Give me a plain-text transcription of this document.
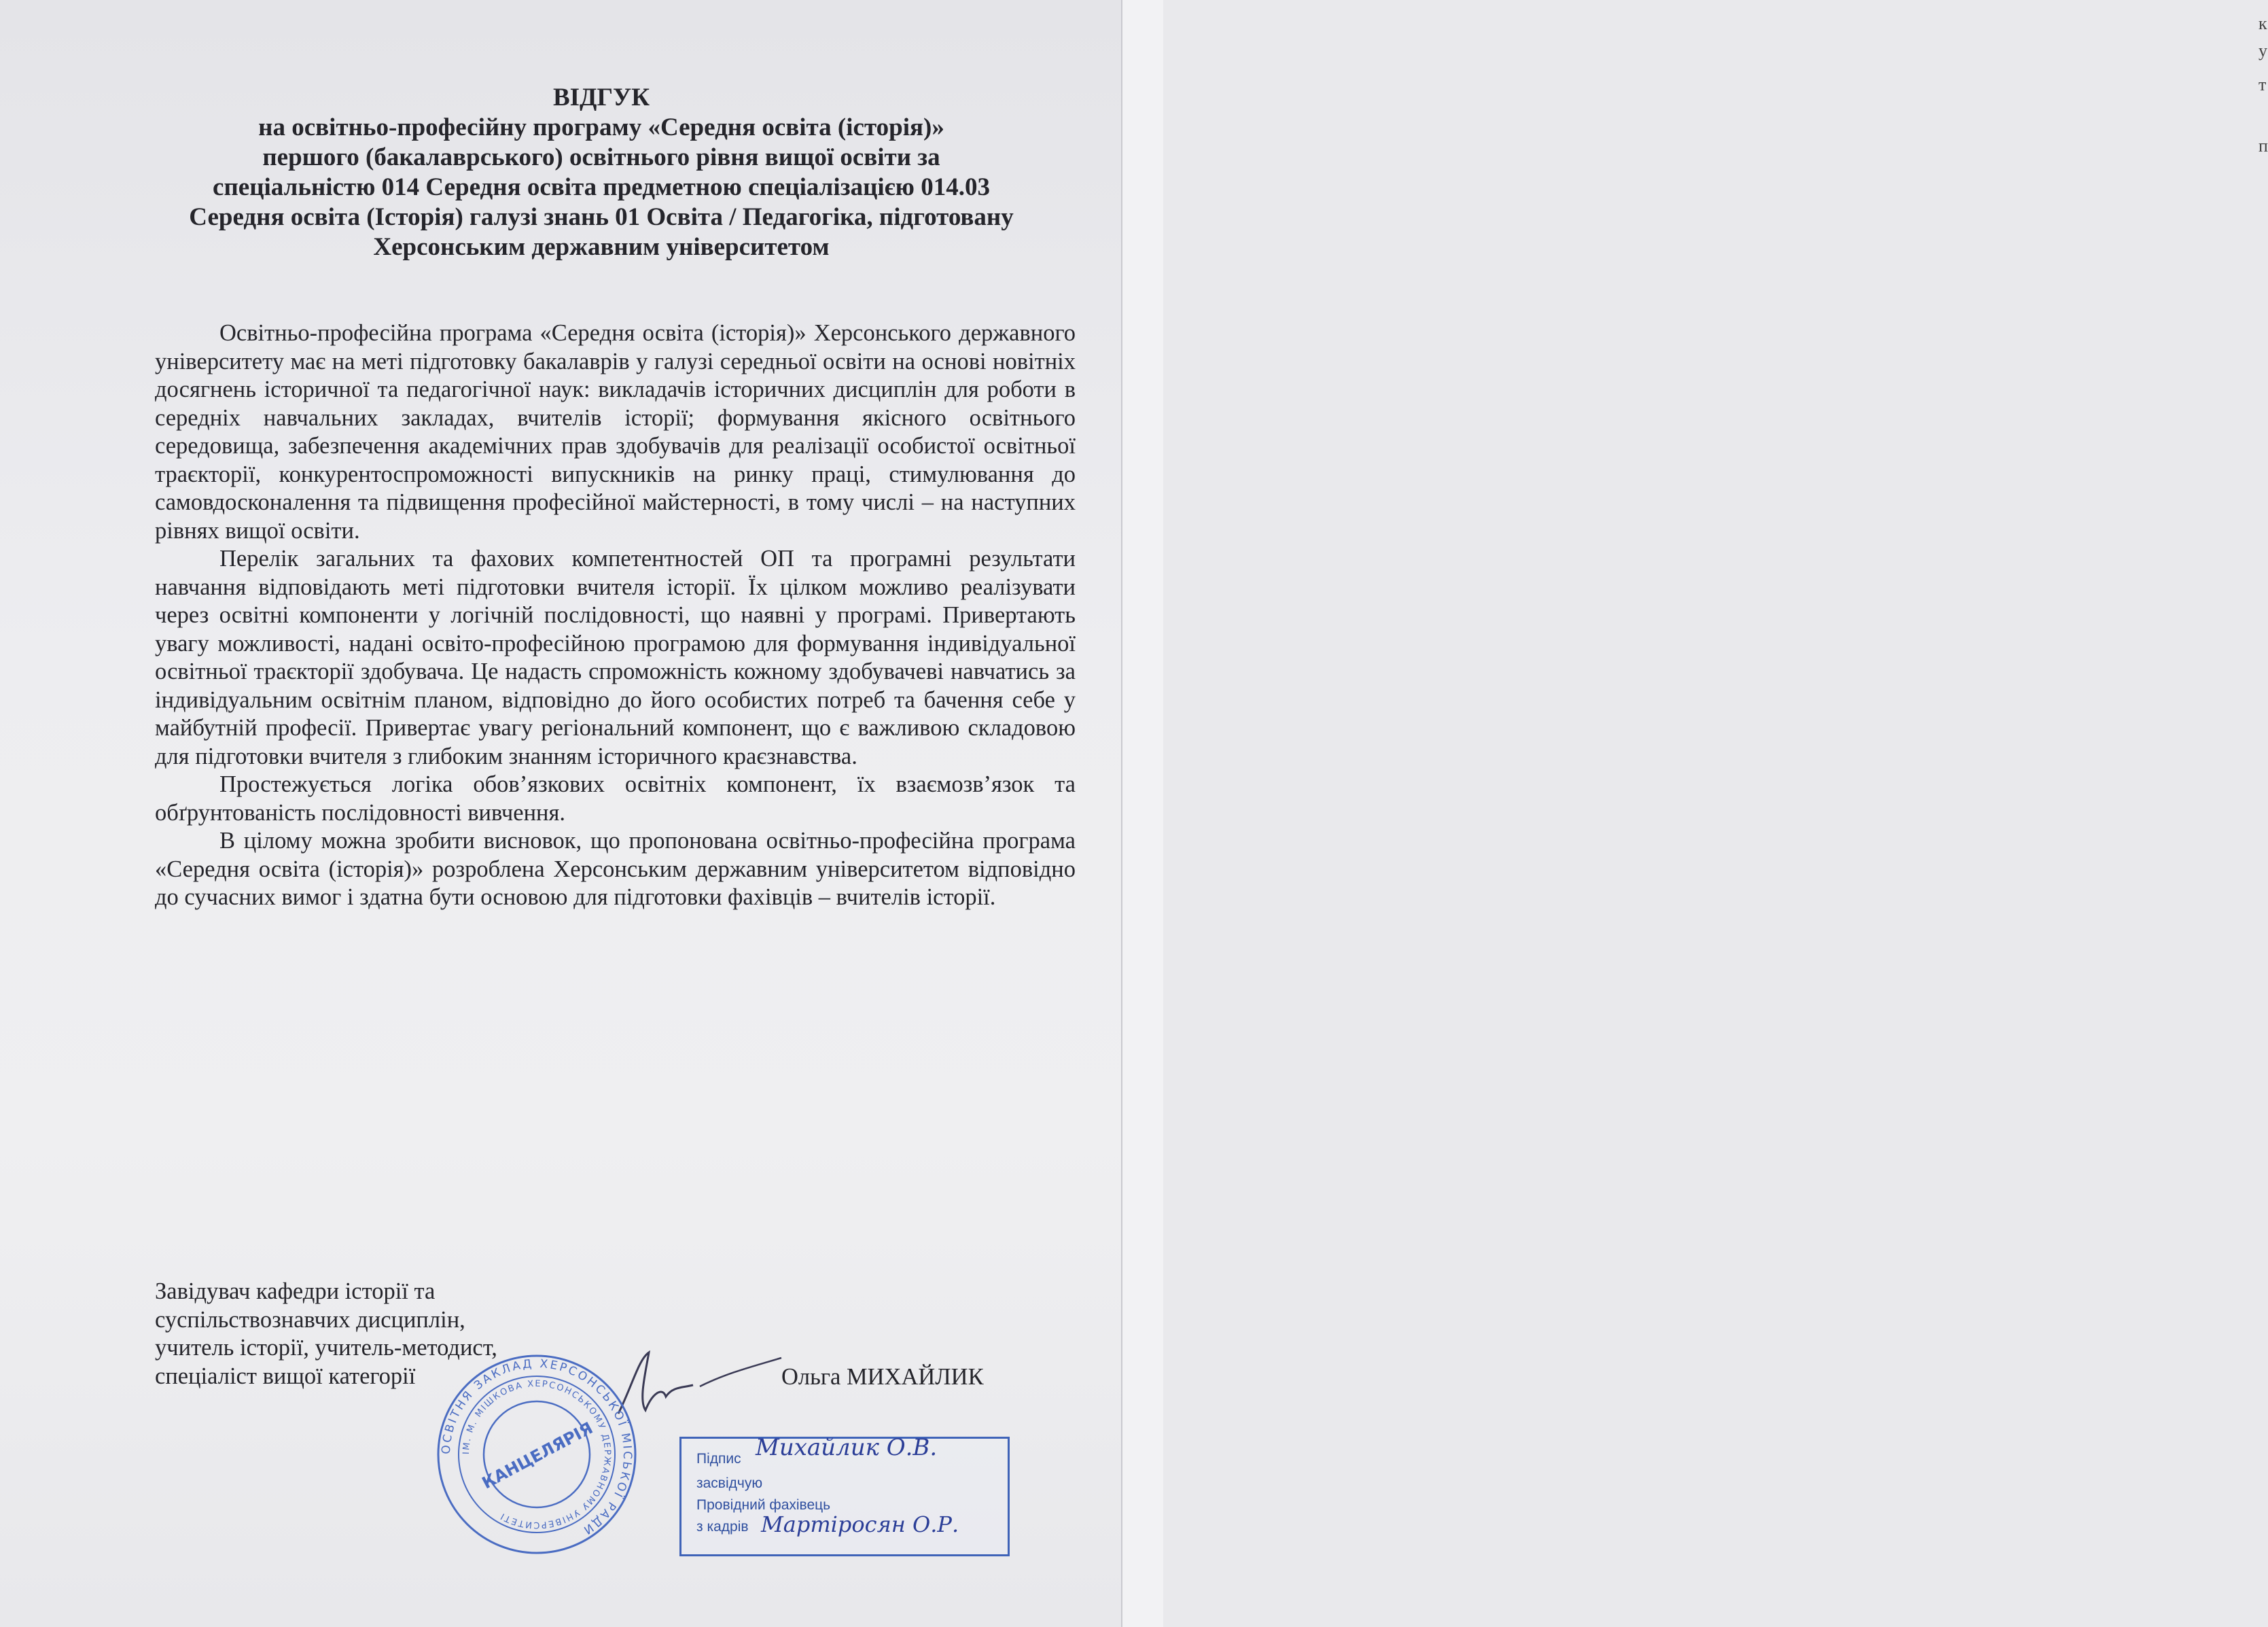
к
у
т
п
ВІДГУК
на освітньо-професійну програму «Середня освіта (історія)»
першого (бакалаврського) освітнього рівня вищої освіти за
спеціальністю 014 Середня освіта предметною спеціалізацією 014.03
Середня освіта (Історія) галузі знань 01 Освіта / Педагогіка, підготовану
Херсонським державним університетом

Освітньо-професійна програма «Середня освіта (історія)» Херсонського державного університету має на меті підготовку бакалаврів у галузі середньої освіти на основі новітніх досягнень історичної та педагогічної наук: викладачів історичних дисциплін для роботи в середніх навчальних закладах, вчителів історії; формування якісного освітнього середовища, забезпечення академічних прав здобувачів для реалізації особистої освітньої траєкторії, конкурентоспроможності випускників на ринку праці, стимулювання до самовдосконалення та підвищення професійної майстерності, в тому числі – на наступних рівнях вищої освіти.

Перелік загальних та фахових компетентностей ОП та програмні результати навчання відповідають меті підготовки вчителя історії. Їх цілком можливо реалізувати через освітні компоненти у логічній послідовності, що наявні у програмі. Привертають увагу можливості, надані освіто-професійною програмою для формування індивідуальної освітньої траєкторії здобувача. Це надасть спроможність кожному здобувачеві навчатись за індивідуальним освітнім планом, відповідно до його особистих потреб та бачення себе у майбутній професії. Привертає увагу регіональний компонент, що є важливою складовою для підготовки вчителя з глибоким знанням історичного краєзнавства.

Простежується логіка обов’язкових освітніх компонент, їх взаємозв’язок та обґрунтованість послідовності вивчення.

В цілому можна зробити висновок, що пропонована освітньо-професійна програма «Середня освіта (історія)» розроблена Херсонським державним університетом відповідно до сучасних вимог і здатна бути основою для підготовки фахівців – вчителів історії.

Завідувач кафедри історії та
суспільствознавчих дисциплін,
учитель історії, учитель-методист,
спеціаліст вищої категорії	Ольга МИХАЙЛИК
ОСВІТНЯ ЗАКЛАД ХЕРСОНСЬКОЇ МІСЬКОЇ РАДИ
ІМ. М. МІШКОВА ХЕРСОНСЬКОМУ ДЕРЖАВНОМУ УНІВЕРСИТЕТІ
КАНЦЕЛЯРІЯ	Підпис
засвідчую
Провідний фахівець
з кадрів
Михайлик О.В.
Мартіросян О.Р.
